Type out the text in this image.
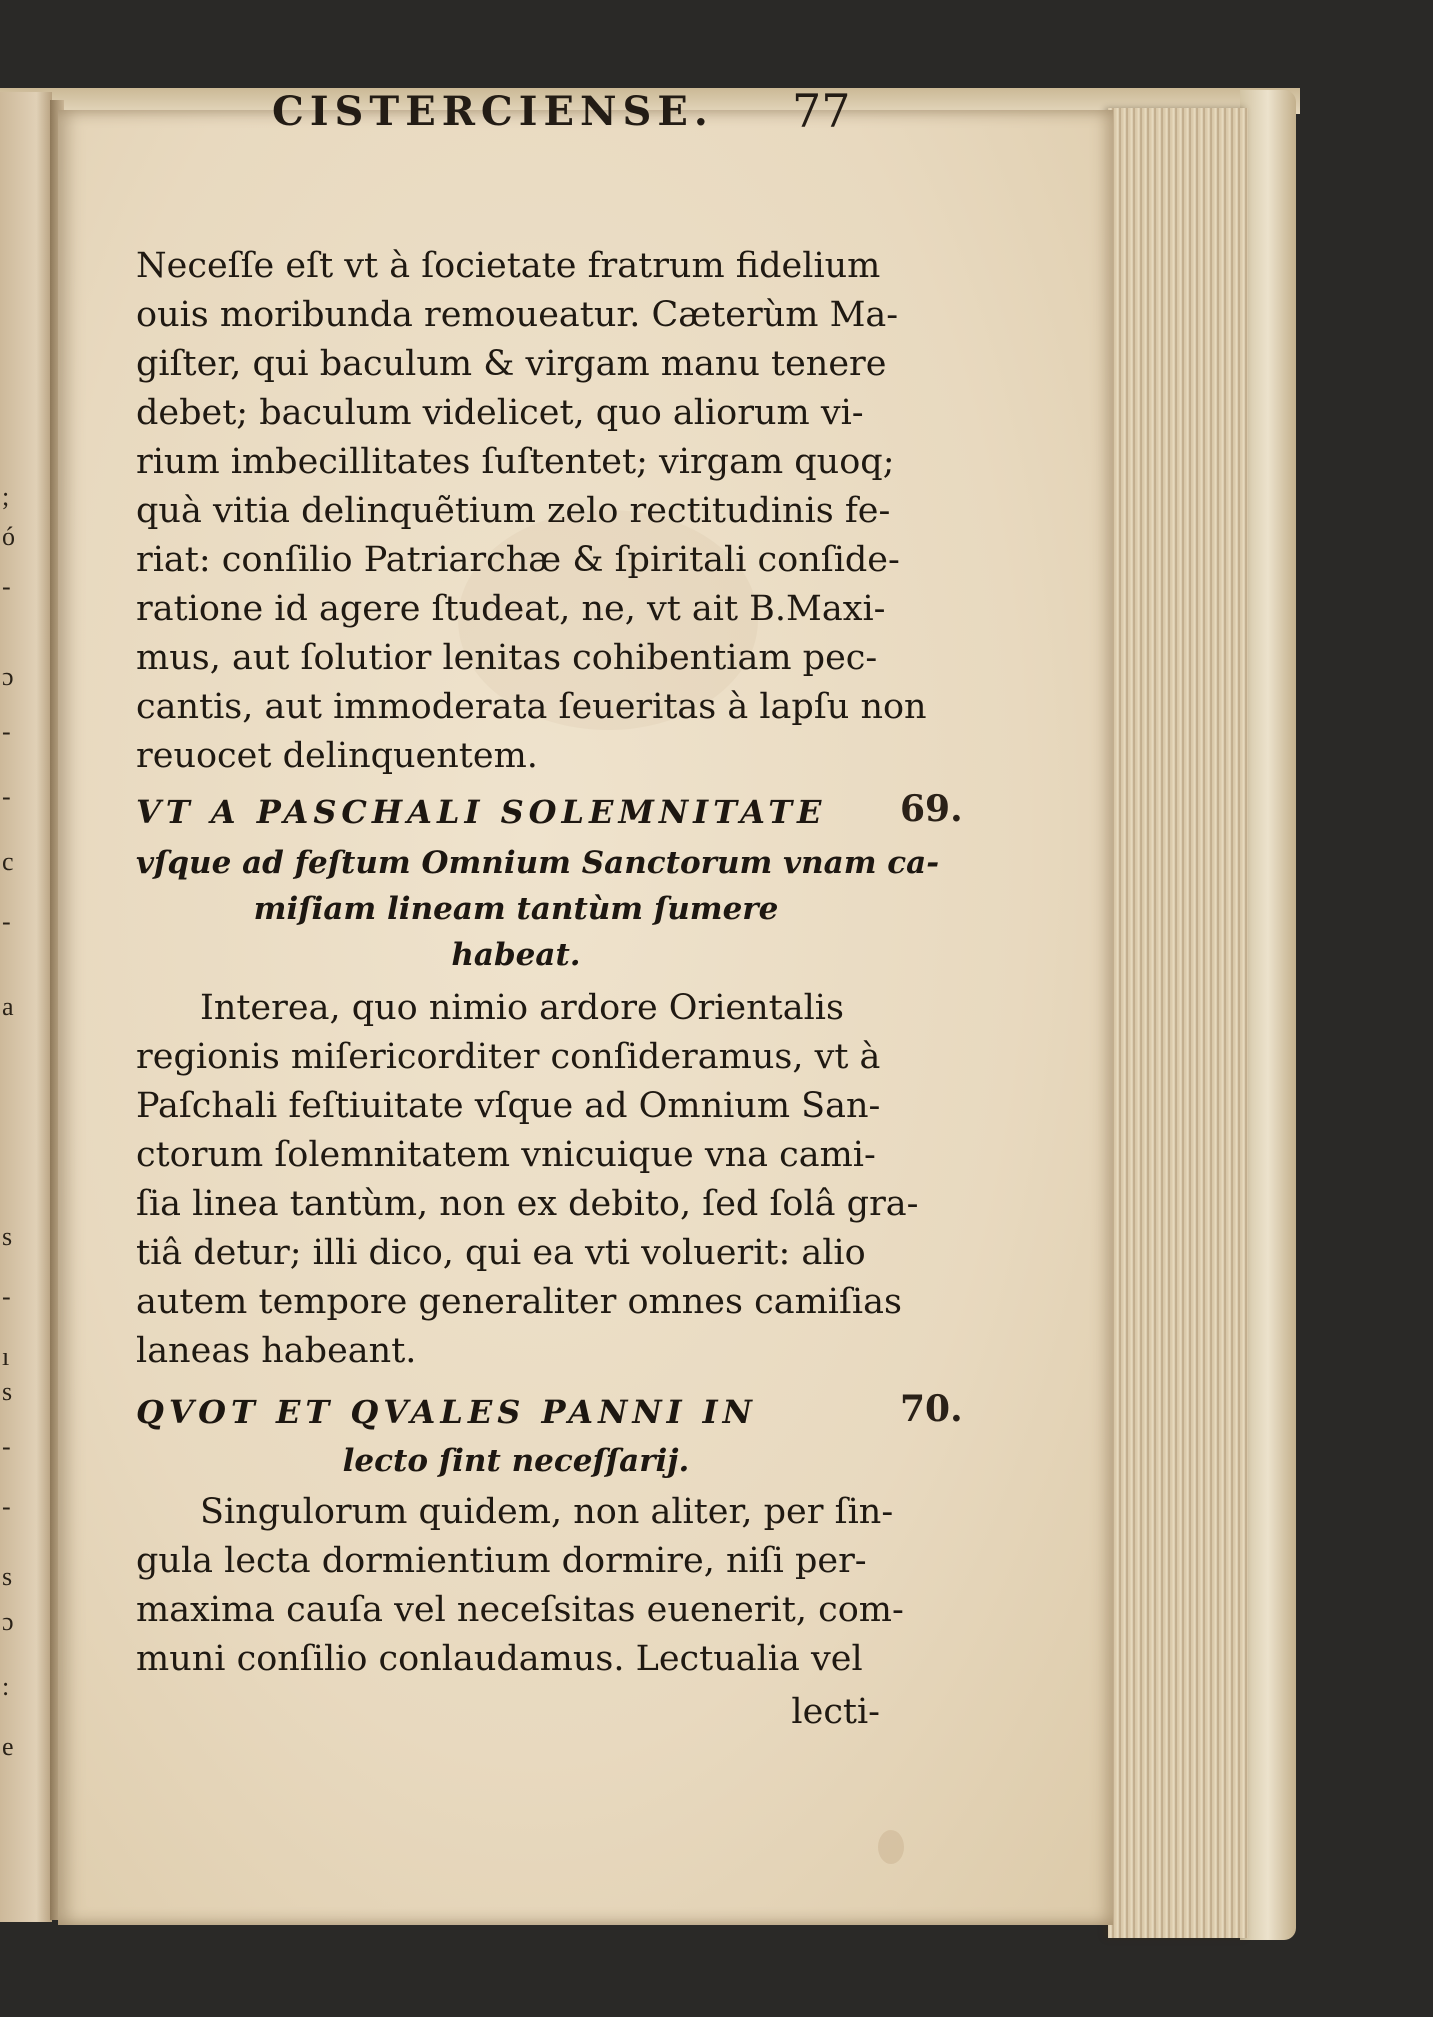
;
ó
-
ɔ
-
-
c
-
a
s
-
ı
s
-
-
s
ɔ
:
e
CISTERCIENSE. 77
Neceſſe eſt vt à ſocietate fratrum fidelium
ouis moribunda remoueatur. Cæterùm Ma-
giſter, qui baculum & virgam manu tenere
debet; baculum videlicet, quo aliorum vi-
rium imbecillitates ſuſtentet; virgam quoq;
quà vitia delinquẽtium zelo rectitudinis fe-
riat: conſilio Patriarchæ & ſpiritali conſide-
ratione id agere ſtudeat, ne, vt ait B.Maxi-
mus, aut ſolutior lenitas cohibentiam pec-
cantis, aut immoderata ſeueritas à lapſu non
reuocet delinquentem.
VT A PASCHALI SOLEMNITATE	69.
vſque ad feſtum Omnium Sanctorum vnam ca-
miſiam lineam tantùm ſumere
habeat.
Interea, quo nimio ardore Orientalis
regionis miſericorditer conſideramus, vt à
Paſchali feſtiuitate vſque ad Omnium San-
ctorum ſolemnitatem vnicuique vna cami-
ſia linea tantùm, non ex debito, ſed ſolâ gra-
tiâ detur; illi dico, qui ea vti voluerit: alio
autem tempore generaliter omnes camiſias
laneas habeant.
QVOT ET QVALES PANNI IN	70.
lecto ſint neceſſarij.
Singulorum quidem, non aliter, per ſin-
gula lecta dormientium dormire, niſi per-
maxima cauſa vel neceſsitas euenerit, com-
muni conſilio conlaudamus. Lectualia vel
lecti-
